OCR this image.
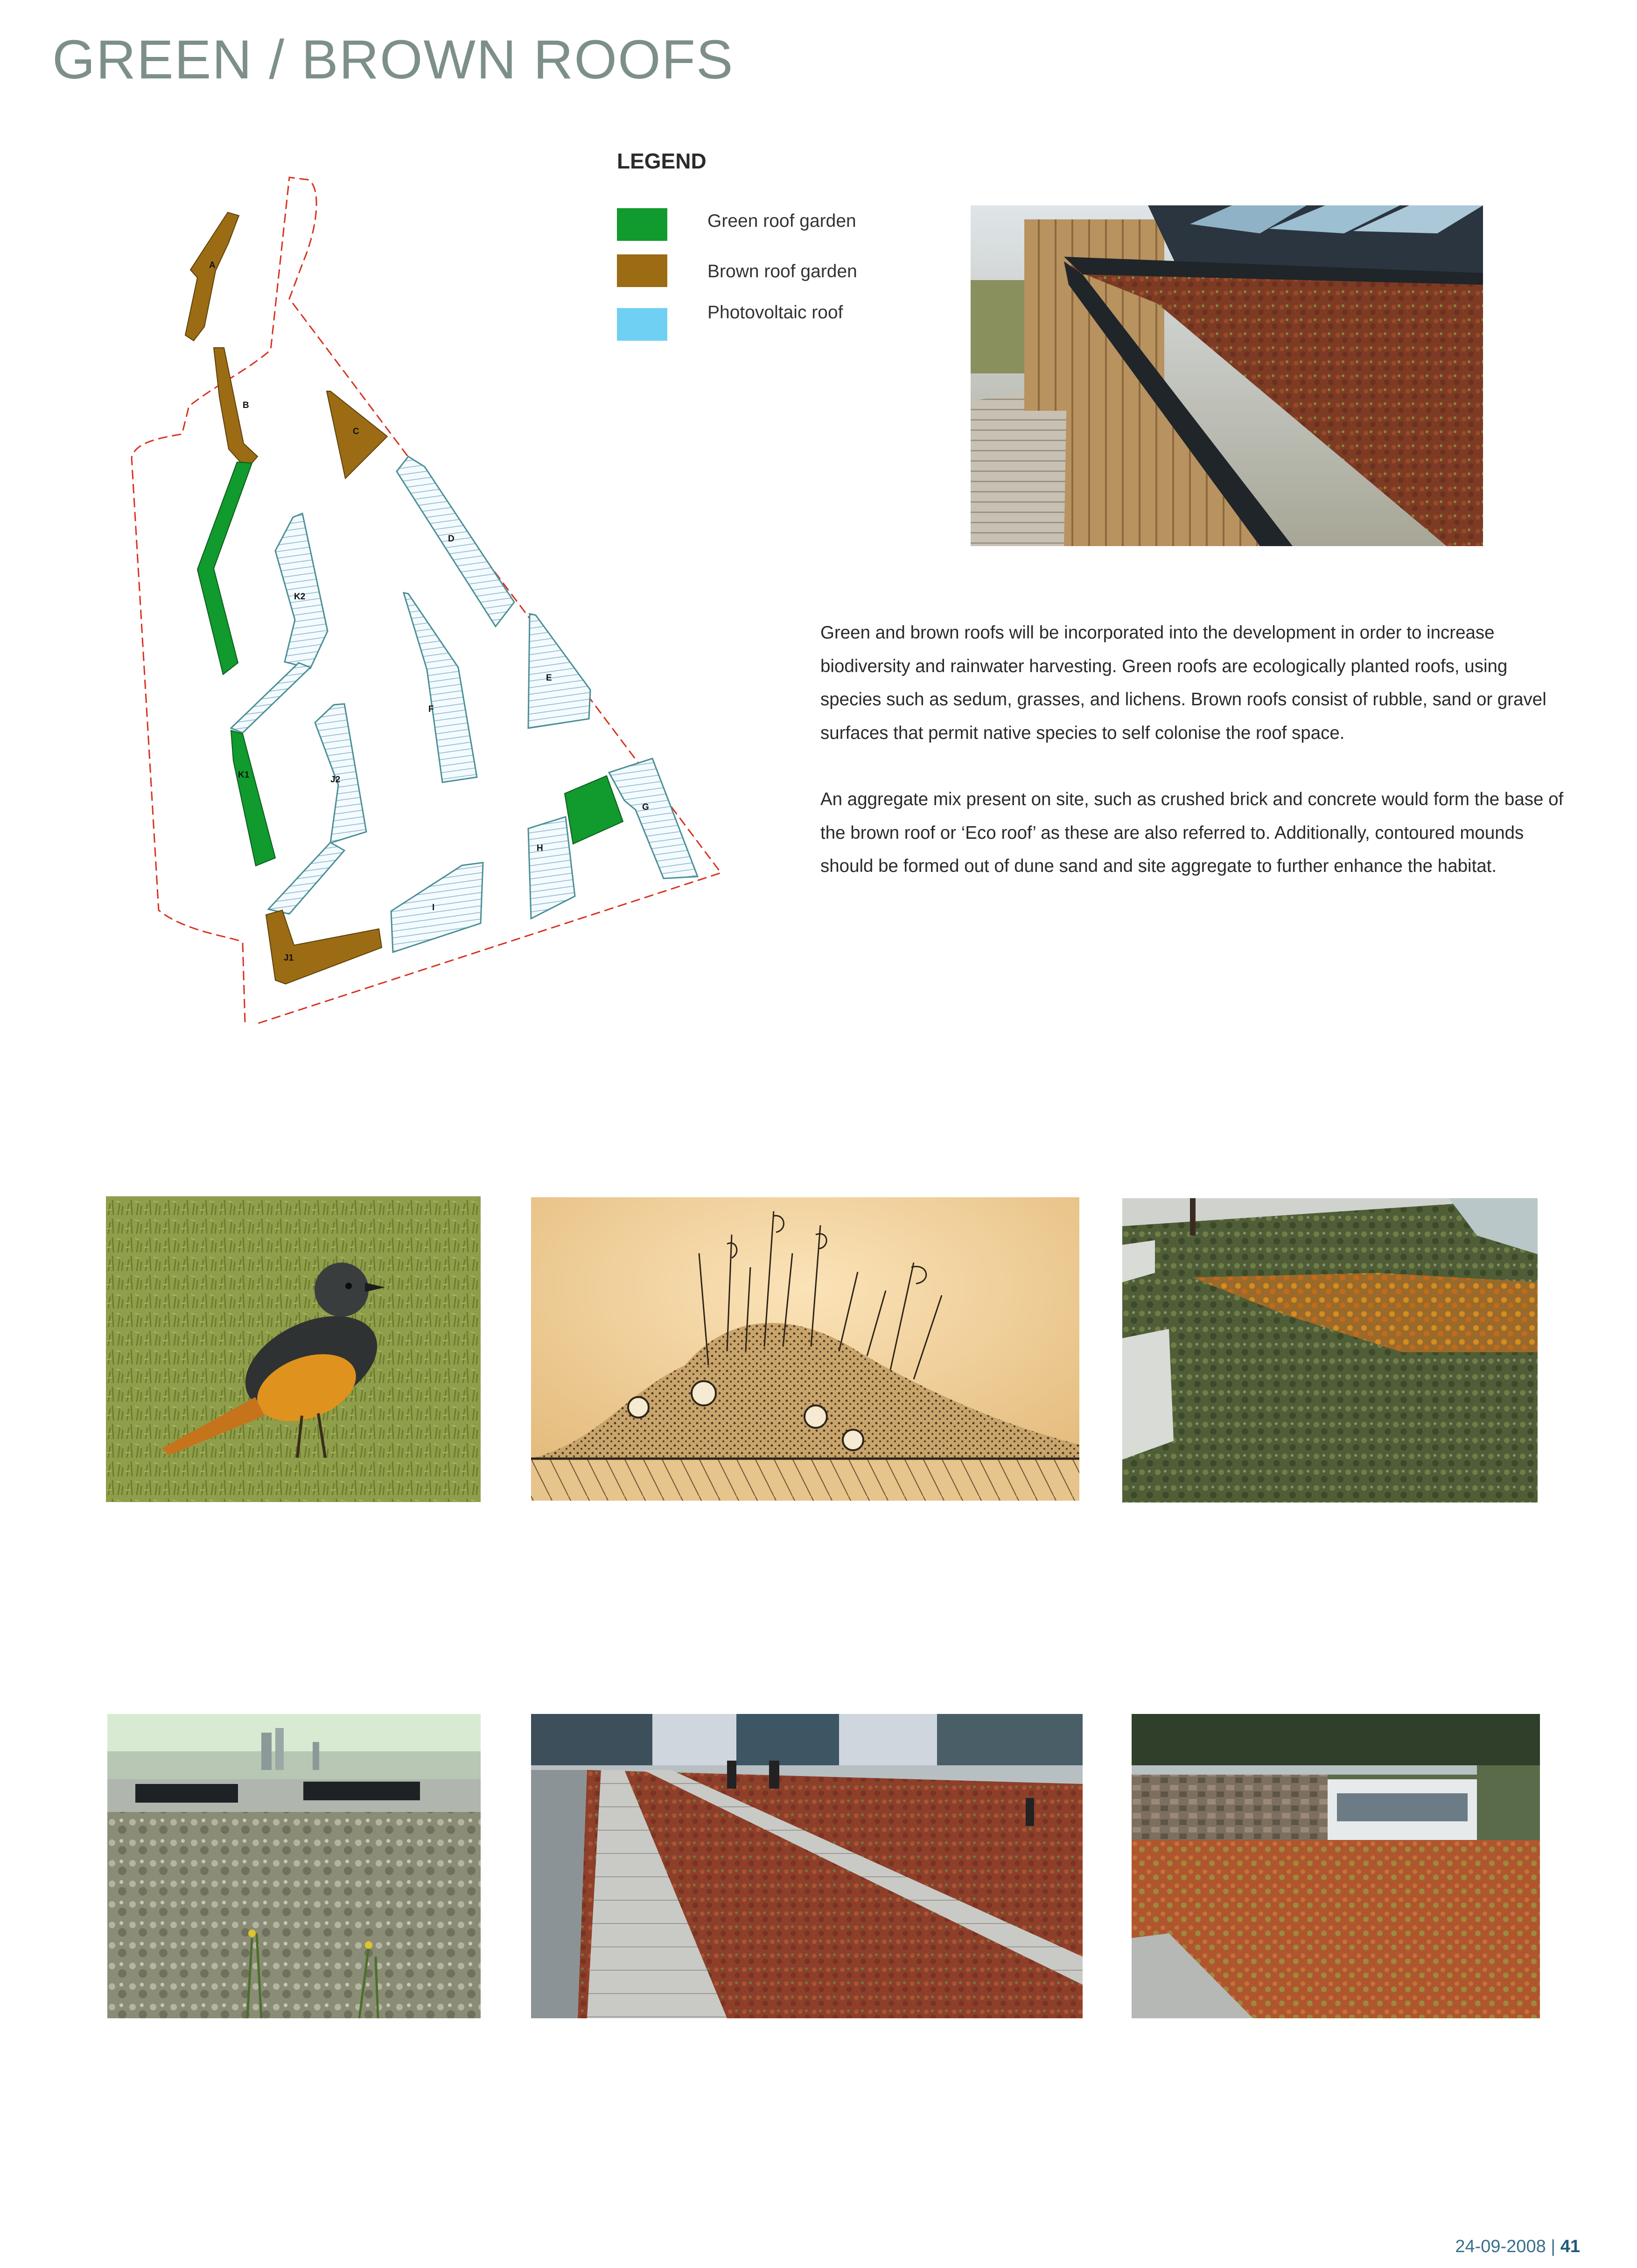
GREEN / BROWN ROOFS
LEGEND
Green roof garden
Brown roof garden
Photovoltaic roof
A
B
C
D
K2
E
F
K1	J2
G
H
I
J1

Green and brown roofs will be incorporated into the development in order to increase biodiversity and rainwater harvesting. Green roofs are ecologically planted roofs, using species such as sedum, grasses, and lichens. Brown roofs consist of rubble, sand or gravel surfaces that permit native species to self colonise the roof space.

An aggregate mix present on site, such as crushed brick and concrete would form the base of the brown roof or ‘Eco roof’ as these are also referred to. Additionally, contoured mounds should be formed out of dune sand and site aggregate to further enhance the habitat.

24-09-2008 | 41
